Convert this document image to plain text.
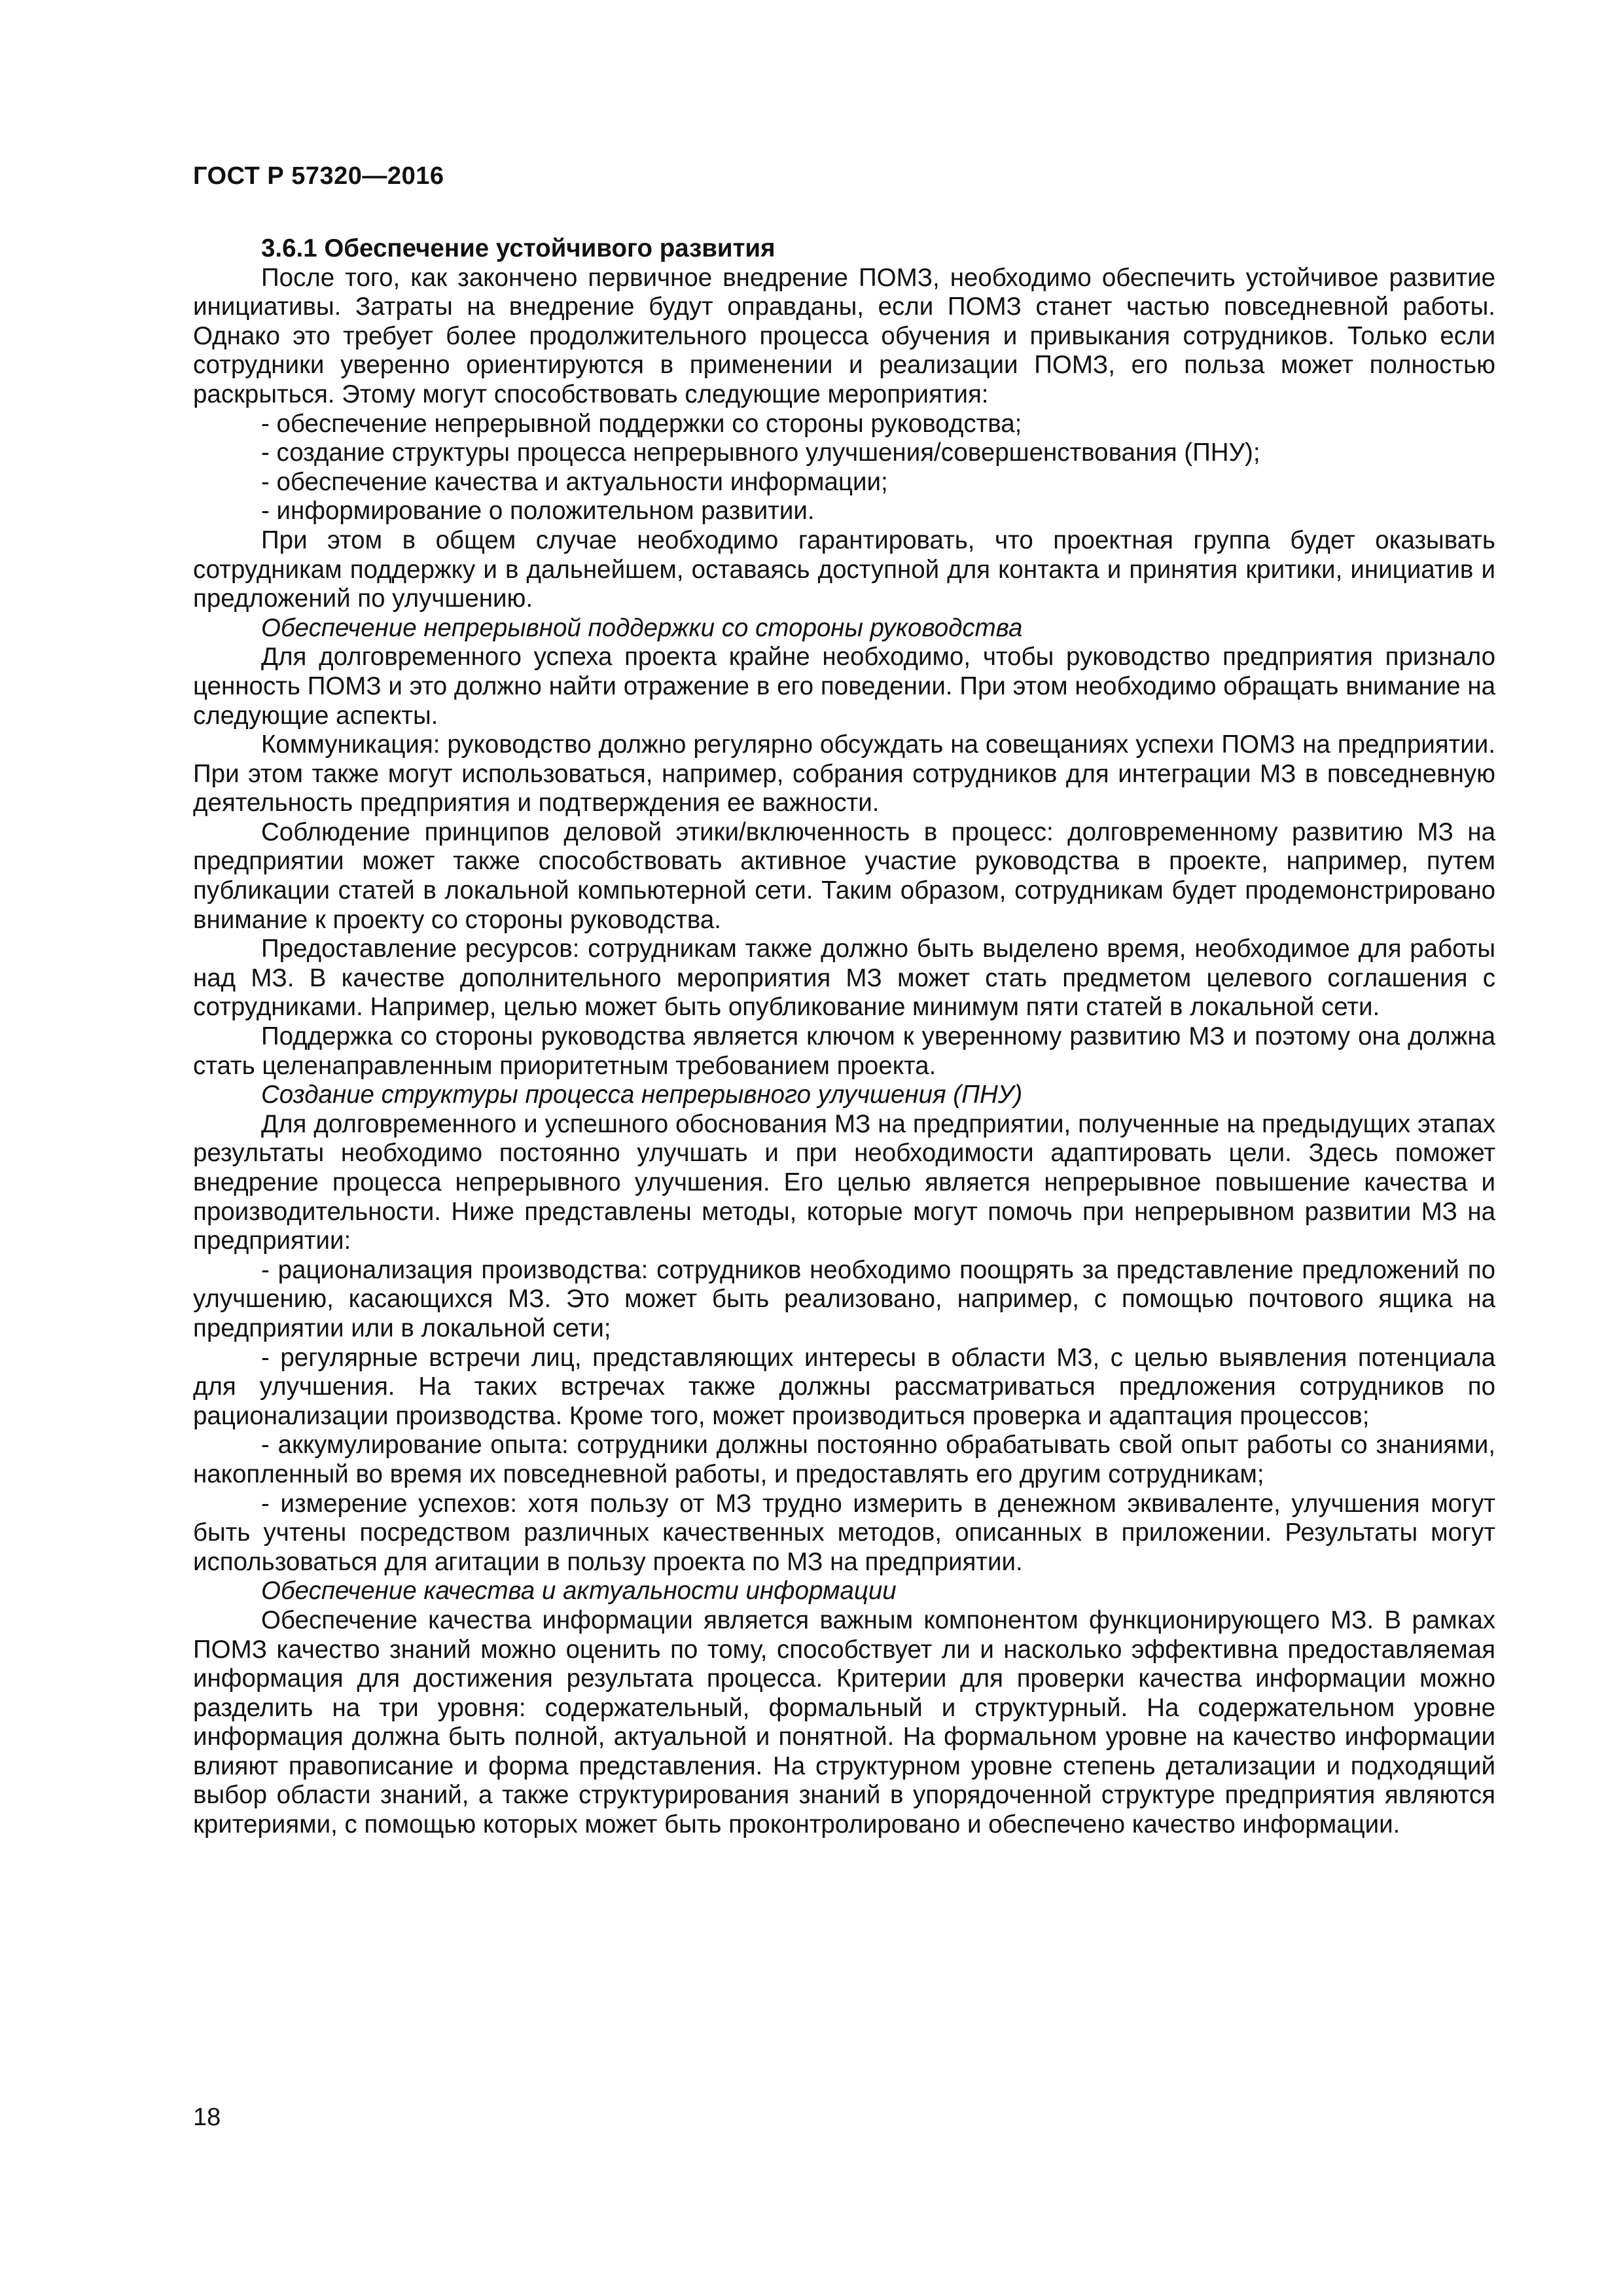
ГОСТ Р 57320—2016

3.6.1 Обеспечение устойчивого развития

После того, как закончено первичное внедрение ПОМЗ, необходимо обеспечить устойчивое развитие инициативы. Затраты на внедрение будут оправданы, если ПОМЗ станет частью повседневной работы. Однако это требует более продолжительного процесса обучения и привыкания сотрудников. Только если сотрудники уверенно ориентируются в применении и реализации ПОМЗ, его польза может полностью раскрыться. Этому могут способствовать следующие мероприятия:

- обеспечение непрерывной поддержки со стороны руководства;

- создание структуры процесса непрерывного улучшения/совершенствования (ПНУ);

- обеспечение качества и актуальности информации;

- информирование о положительном развитии.

При этом в общем случае необходимо гарантировать, что проектная группа будет оказывать сотрудникам поддержку и в дальнейшем, оставаясь доступной для контакта и принятия критики, инициатив и предложений по улучшению.

Обеспечение непрерывной поддержки со стороны руководства

Для долговременного успеха проекта крайне необходимо, чтобы руководство предприятия признало ценность ПОМЗ и это должно найти отражение в его поведении. При этом необходимо обращать внимание на следующие аспекты.

Коммуникация: руководство должно регулярно обсуждать на совещаниях успехи ПОМЗ на предприятии. При этом также могут использоваться, например, собрания сотрудников для интеграции МЗ в повседневную деятельность предприятия и подтверждения ее важности.

Соблюдение принципов деловой этики/включенность в процесс: долговременному развитию МЗ на предприятии может также способствовать активное участие руководства в проекте, например, путем публикации статей в локальной компьютерной сети. Таким образом, сотрудникам будет продемонстрировано внимание к проекту со стороны руководства.

Предоставление ресурсов: сотрудникам также должно быть выделено время, необходимое для работы над МЗ. В качестве дополнительного мероприятия МЗ может стать предметом целевого соглашения с сотрудниками. Например, целью может быть опубликование минимум пяти статей в локальной сети.

Поддержка со стороны руководства является ключом к уверенному развитию МЗ и поэтому она должна стать целенаправленным приоритетным требованием проекта.

Создание структуры процесса непрерывного улучшения (ПНУ)

Для долговременного и успешного обоснования МЗ на предприятии, полученные на предыдущих этапах результаты необходимо постоянно улучшать и при необходимости адаптировать цели. Здесь поможет внедрение процесса непрерывного улучшения. Его целью является непрерывное повышение качества и производительности. Ниже представлены методы, которые могут помочь при непрерывном развитии МЗ на предприятии:

- рационализация производства: сотрудников необходимо поощрять за представление предложений по улучшению, касающихся МЗ. Это может быть реализовано, например, с помощью почтового ящика на предприятии или в локальной сети;

- регулярные встречи лиц, представляющих интересы в области МЗ, с целью выявления потенциала для улучшения. На таких встречах также должны рассматриваться предложения сотрудников по рационализации производства. Кроме того, может производиться проверка и адаптация процессов;

- аккумулирование опыта: сотрудники должны постоянно обрабатывать свой опыт работы со знаниями, накопленный во время их повседневной работы, и предоставлять его другим сотрудникам;

- измерение успехов: хотя пользу от МЗ трудно измерить в денежном эквиваленте, улучшения могут быть учтены посредством различных качественных методов, описанных в приложении. Результаты могут использоваться для агитации в пользу проекта по МЗ на предприятии.

Обеспечение качества и актуальности информации

Обеспечение качества информации является важным компонентом функционирующего МЗ. В рамках ПОМЗ качество знаний можно оценить по тому, способствует ли и насколько эффективна предоставляемая информация для достижения результата процесса. Критерии для проверки качества информации можно разделить на три уровня: содержательный, формальный и структурный. На содержательном уровне информация должна быть полной, актуальной и понятной. На формальном уровне на качество информации влияют правописание и форма представления. На структурном уровне степень детализации и подходящий выбор области знаний, а также структурирования знаний в упорядоченной структуре предприятия являются критериями, с помощью которых может быть проконтролировано и обеспечено качество информации.

18
